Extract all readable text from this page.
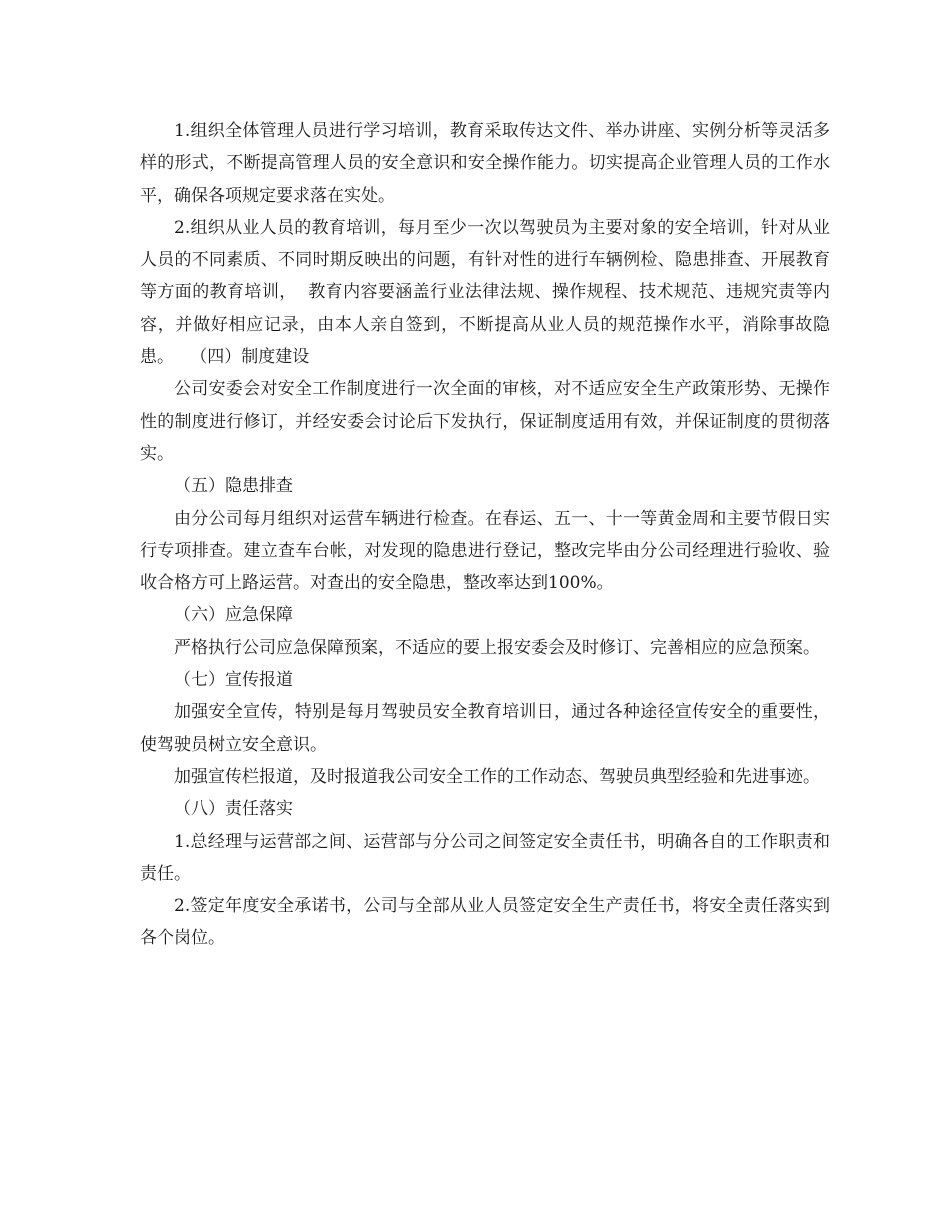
1.组织全体管理人员进行学习培训，教育采取传达文件、举办讲座、实例分析等灵活多样的形式，不断提高管理人员的安全意识和安全操作能力。切实提高企业管理人员的工作水平，确保各项规定要求落在实处。

2.组织从业人员的教育培训，每月至少一次以驾驶员为主要对象的安全培训，针对从业人员的不同素质、不同时期反映出的问题，有针对性的进行车辆例检、隐患排查、开展教育等方面的教育培训，  教育内容要涵盖行业法律法规、操作规程、技术规范、违规究责等内容，并做好相应记录，由本人亲自签到，不断提高从业人员的规范操作水平，消除事故隐患。   （四）制度建设

公司安委会对安全工作制度进行一次全面的审核，对不适应安全生产政策形势、无操作性的制度进行修订，并经安委会讨论后下发执行，保证制度适用有效，并保证制度的贯彻落实。

（五）隐患排查

由分公司每月组织对运营车辆进行检查。在春运、五一、十一等黄金周和主要节假日实行专项排查。建立查车台帐，对发现的隐患进行登记，整改完毕由分公司经理进行验收、验收合格方可上路运营。对查出的安全隐患，整改率达到100%。

（六）应急保障

严格执行公司应急保障预案，不适应的要上报安委会及时修订、完善相应的应急预案。

（七）宣传报道

加强安全宣传，特别是每月驾驶员安全教育培训日，通过各种途径宣传安全的重要性，使驾驶员树立安全意识。

加强宣传栏报道，及时报道我公司安全工作的工作动态、驾驶员典型经验和先进事迹。

（八）责任落实

1.总经理与运营部之间、运营部与分公司之间签定安全责任书，明确各自的工作职责和责任。

2.签定年度安全承诺书，公司与全部从业人员签定安全生产责任书，将安全责任落实到各个岗位。
